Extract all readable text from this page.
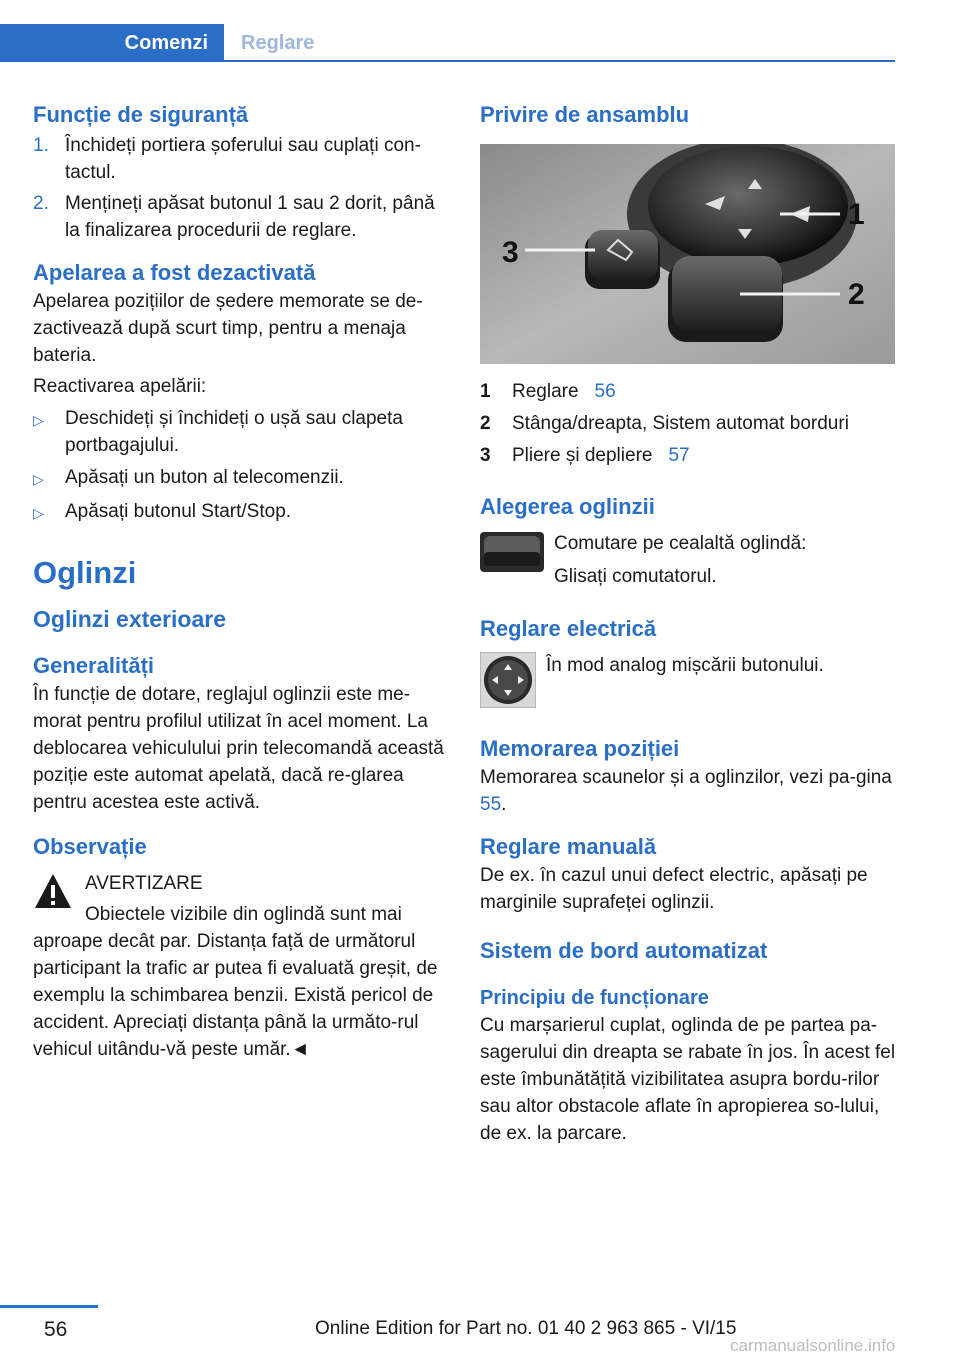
Comenzi	Reglare
Funcție de siguranță
1. Închideți portiera șoferului sau cuplați con-tactul.
2. Mențineți apăsat butonul 1 sau 2 dorit, până la finalizarea procedurii de reglare.
Apelarea a fost dezactivată

Apelarea pozițiilor de ședere memorate se de-zactivează după scurt timp, pentru a menaja bateria.

Reactivarea apelării:

▷	Deschideți și închideți o ușă sau clapeta portbagajului.
▷	Apăsați un buton al telecomenzii.
▷	Apăsați butonul Start/Stop.
Oglinzi
Oglinzi exterioare
Generalități

În funcție de dotare, reglajul oglinzii este me-morat pentru profilul utilizat în acel moment. La deblocarea vehiculului prin telecomandă această poziție este automat apelată, dacă re-glarea pentru acestea este activă.

Observație

AVERTIZARE

Obiectele vizibile din oglindă sunt mai

aproape decât par. Distanța față de următorul participant la trafic ar putea fi evaluată greșit, de exemplu la schimbarea benzii. Există pericol de accident. Apreciați distanța până la următo-rul vehicul uitându-vă peste umăr.◄

Privire de ansamblu
1
2
3
1	Reglare 56
2	Stânga/dreapta, Sistem automat borduri
3	Pliere și depliere 57
Alegerea oglinzii

Comutare pe cealaltă oglindă:

Glisați comutatorul.

Reglare electrică

În mod analog mișcării butonului.

Memorarea poziției

Memorarea scaunelor și a oglinzilor, vezi pa-gina 55.

Reglare manuală

De ex. în cazul unui defect electric, apăsați pe marginile suprafeței oglinzii.

Sistem de bord automatizat
Principiu de funcționare

Cu marșarierul cuplat, oglinda de pe partea pa-sagerului din dreapta se rabate în jos. În acest fel este îmbunătățită vizibilitatea asupra bordu-rilor sau altor obstacole aflate în apropierea so-lului, de ex. la parcare.

56	Online Edition for Part no. 01 40 2 963 865 - VI/15
carmanualsonline.info
